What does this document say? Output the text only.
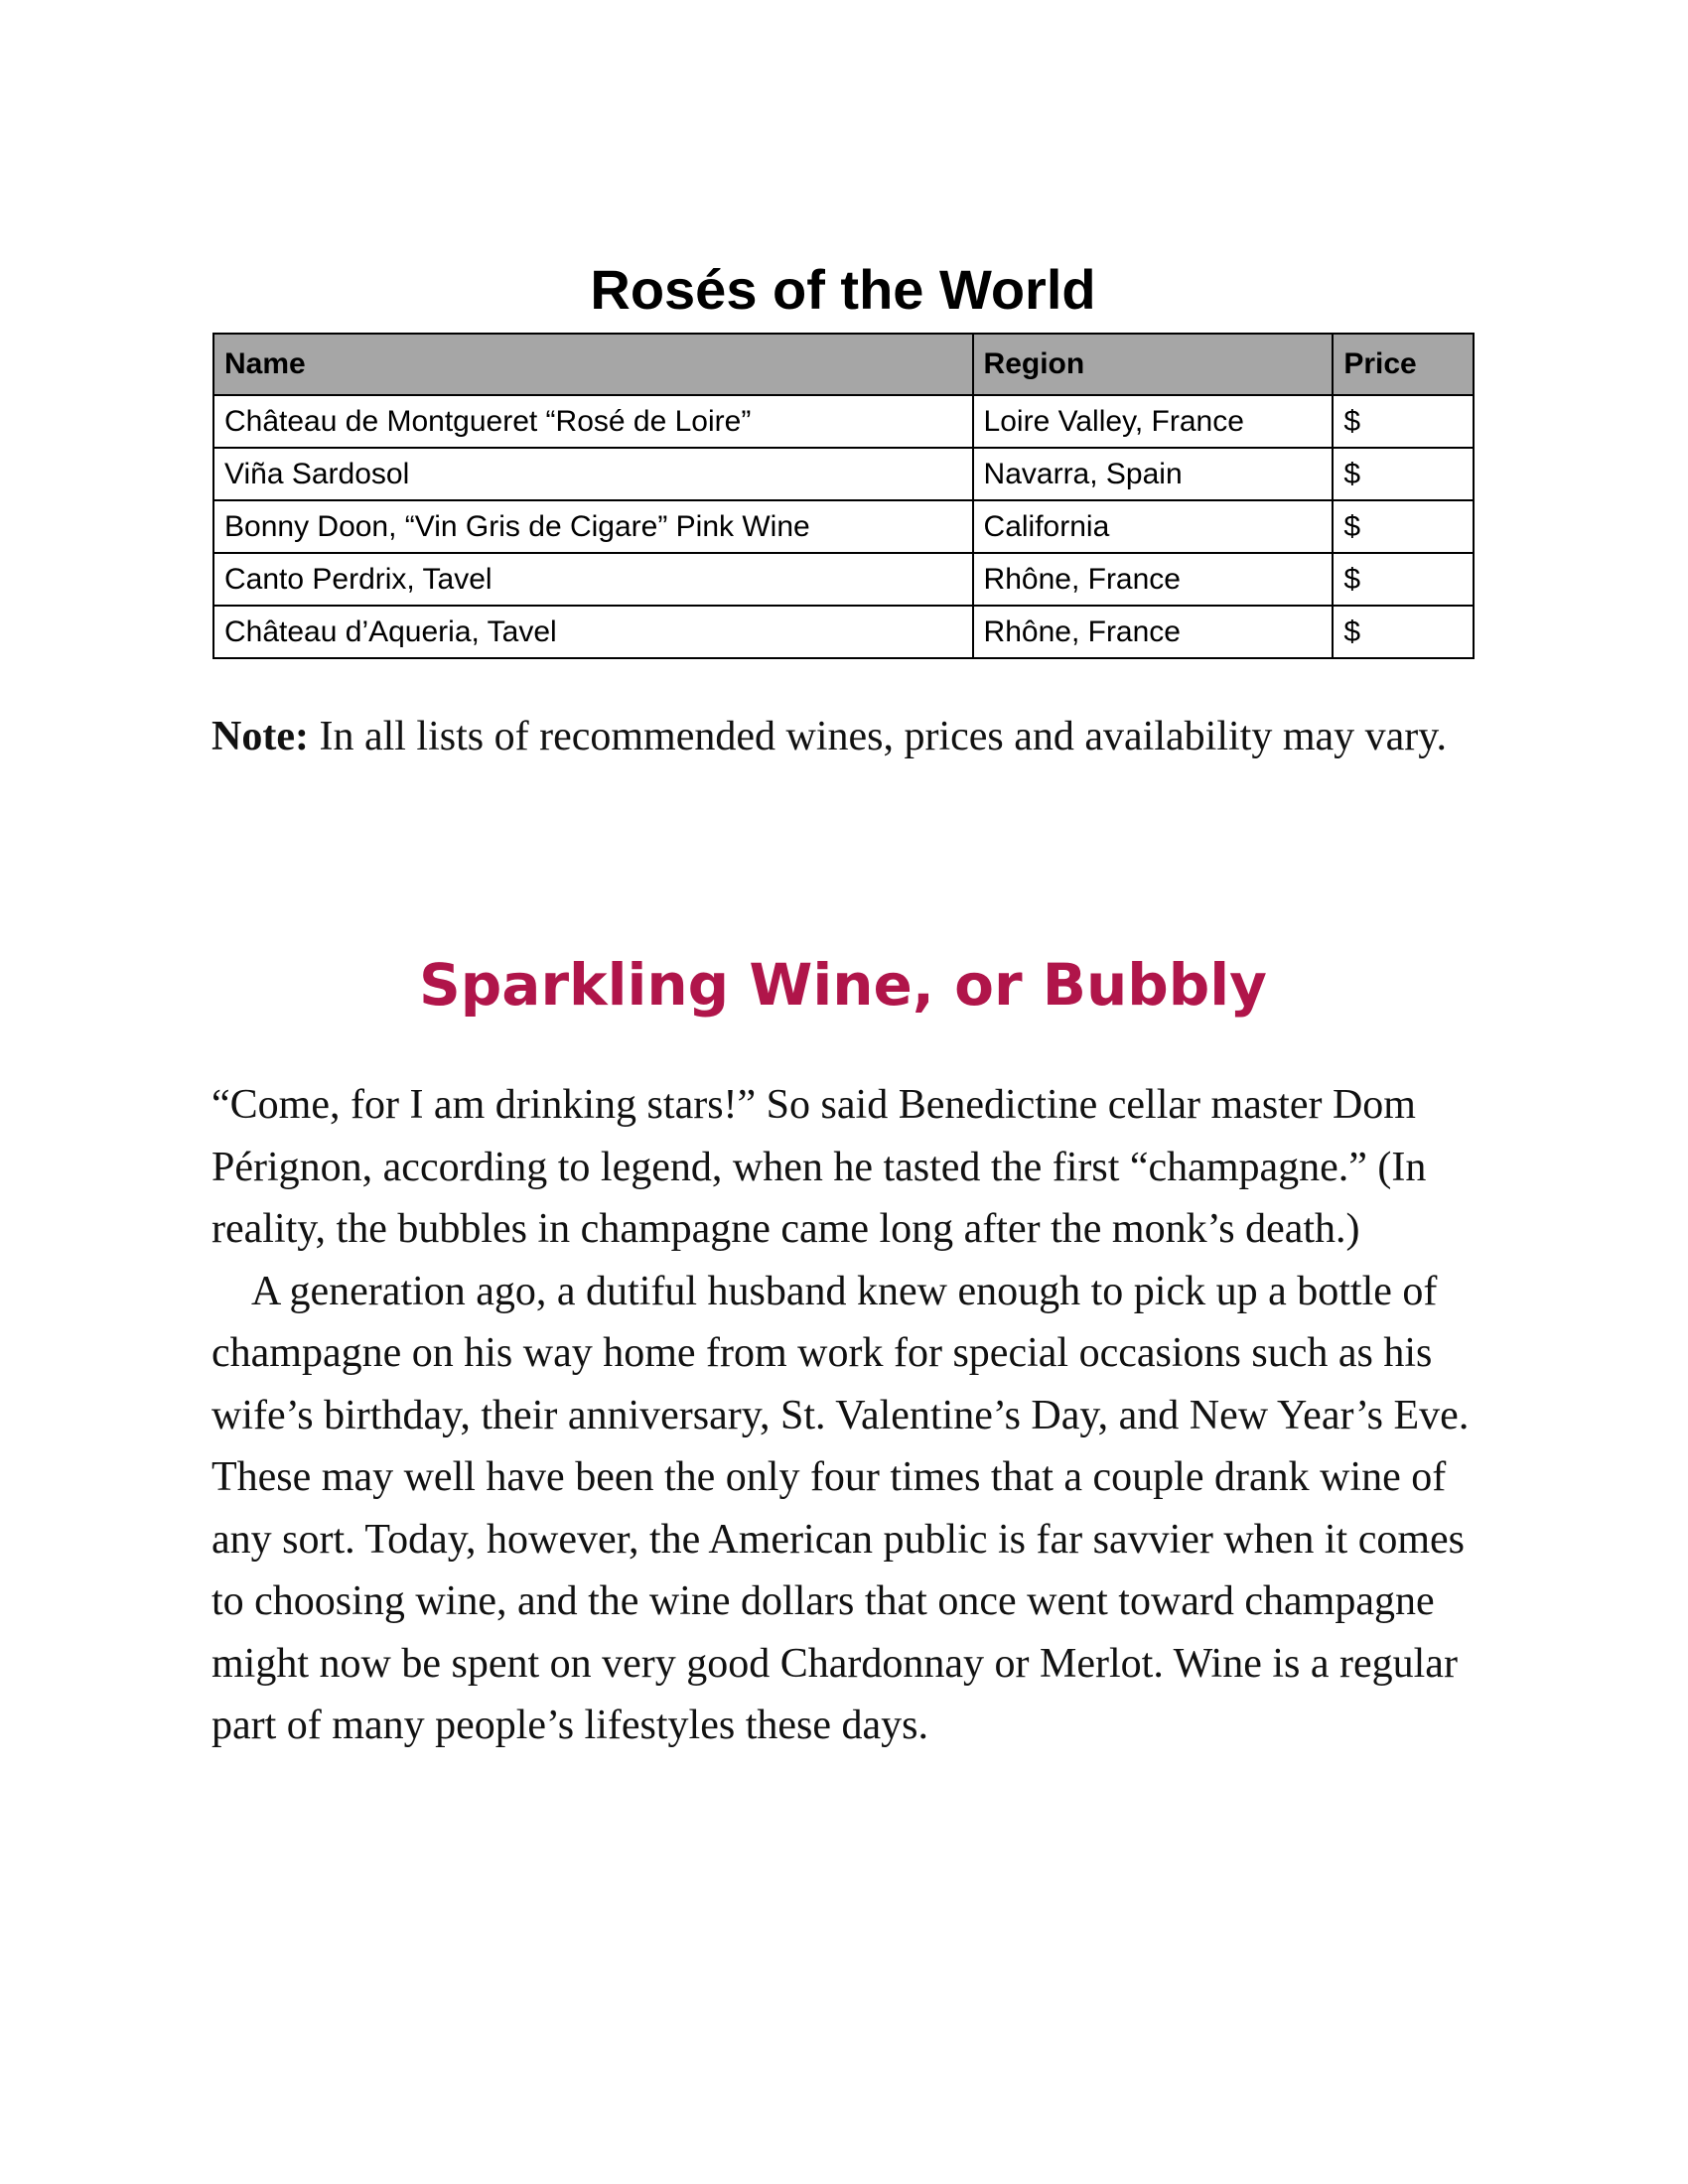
Rosés of the World
Name	Region	Price
Château de Montgueret “Rosé de Loire”	Loire Valley, France	$
Viña Sardosol	Navarra, Spain	$
Bonny Doon, “Vin Gris de Cigare” Pink Wine	California	$
Canto Perdrix, Tavel	Rhône, France	$
Château d’Aqueria, Tavel	Rhône, France	$

Note: In all lists of recommended wines, prices and availability may vary.

Sparkling Wine, or Bubbly

“Come, for I am drinking stars!” So said Benedictine cellar master Dom Pérignon, according to legend, when he tasted the first “champagne.” (In reality, the bubbles in champagne came long after the monk’s death.)

A generation ago, a dutiful husband knew enough to pick up a bottle of champagne on his way home from work for special occasions such as his wife’s birthday, their anniversary, St. Valentine’s Day, and New Year’s Eve. These may well have been the only four times that a couple drank wine of any sort. Today, however, the American public is far savvier when it comes to choosing wine, and the wine dollars that once went toward champagne might now be spent on very good Chardonnay or Merlot. Wine is a regular part of many people’s lifestyles these days.
